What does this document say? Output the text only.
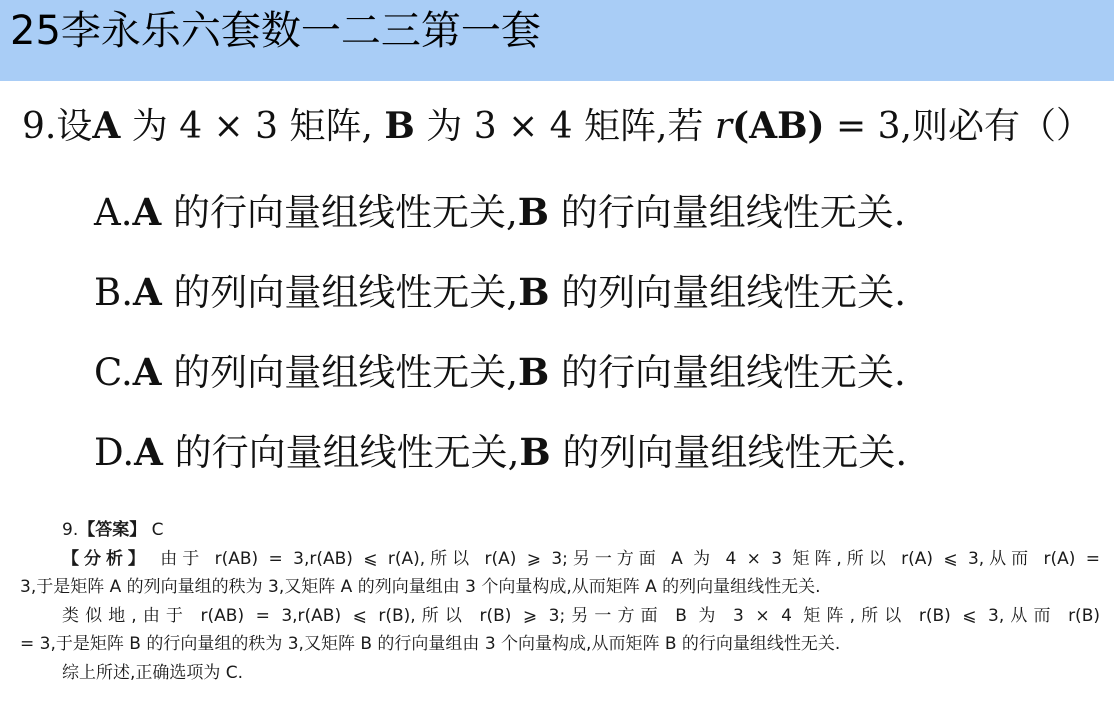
25李永乐六套数一二三第一套
9.设A 为 4 × 3 矩阵, B 为 3 × 4 矩阵,若 r(AB) = 3,则必有（ ）
A.A 的行向量组线性无关,B 的行向量组线性无关.
B.A 的列向量组线性无关,B 的列向量组线性无关.
C.A 的列向量组线性无关,B 的行向量组线性无关.
D.A 的行向量组线性无关,B 的列向量组线性无关.
9.【答案】 C
【分析】 由于 r(AB) = 3,r(AB) ⩽ r(A),所以 r(A) ⩾ 3;另一方面 A 为 4 × 3 矩阵,所以 r(A) ⩽ 3,从而 r(A) =
3,于是矩阵 A 的列向量组的秩为 3,又矩阵 A 的列向量组由 3 个向量构成,从而矩阵 A 的列向量组线性无关.
类似地,由于 r(AB) = 3,r(AB) ⩽ r(B),所以 r(B) ⩾ 3;另一方面 B 为 3 × 4 矩阵,所以 r(B) ⩽ 3,从而 r(B)
= 3,于是矩阵 B 的行向量组的秩为 3,又矩阵 B 的行向量组由 3 个向量构成,从而矩阵 B 的行向量组线性无关.
综上所述,正确选项为 C.
